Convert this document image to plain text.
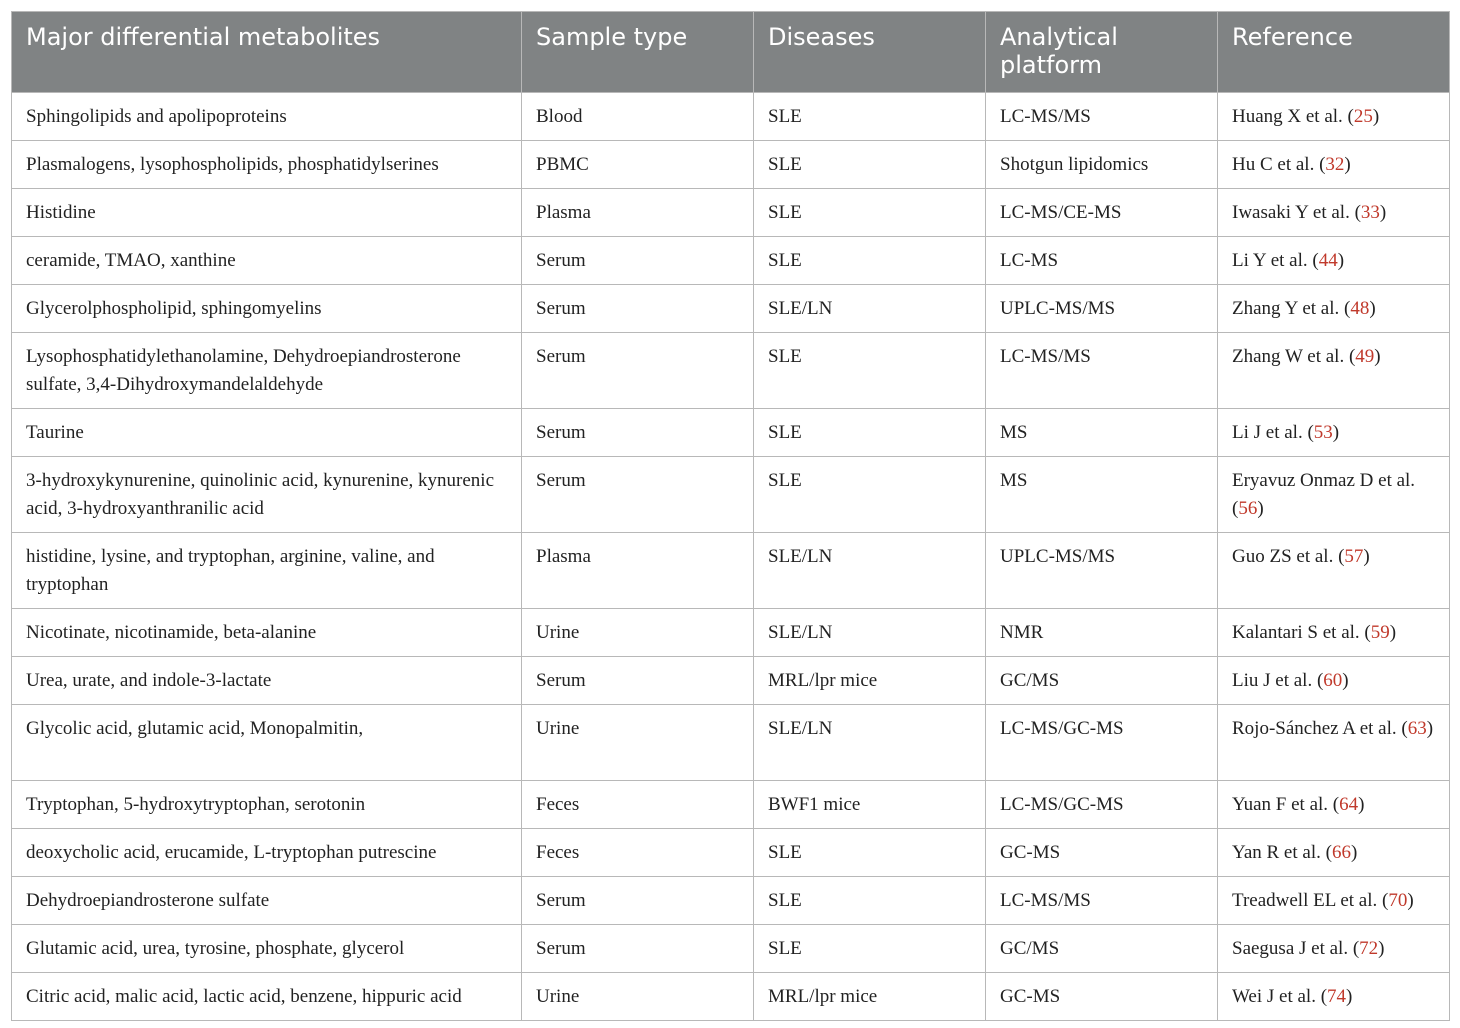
Major differential metabolites	Sample type	Diseases	Analytical platform	Reference
Sphingolipids and apolipoproteins	Blood	SLE	LC-MS/MS	Huang X et al. (25)
Plasmalogens, lysophospholipids, phosphatidylserines	PBMC	SLE	Shotgun lipidomics	Hu C et al. (32)
Histidine	Plasma	SLE	LC-MS/CE-MS	Iwasaki Y et al. (33)
ceramide, TMAO, xanthine	Serum	SLE	LC-MS	Li Y et al. (44)
Glycerolphospholipid, sphingomyelins	Serum	SLE/LN	UPLC-MS/MS	Zhang Y et al. (48)
Lysophosphatidylethanolamine, Dehydroepiandrosterone sulfate, 3,4-Dihydroxymandelaldehyde	Serum	SLE	LC-MS/MS	Zhang W et al. (49)
Taurine	Serum	SLE	MS	Li J et al. (53)
3-hydroxykynurenine, quinolinic acid, kynurenine, kynurenic acid, 3-hydroxyanthranilic acid	Serum	SLE	MS	Eryavuz Onmaz D et al. (56)
histidine, lysine, and tryptophan, arginine, valine, and tryptophan	Plasma	SLE/LN	UPLC-MS/MS	Guo ZS et al. (57)
Nicotinate, nicotinamide, beta-alanine	Urine	SLE/LN	NMR	Kalantari S et al. (59)
Urea, urate, and indole-3-lactate	Serum	MRL/lpr mice	GC/MS	Liu J et al. (60)
Glycolic acid, glutamic acid, Monopalmitin,	Urine	SLE/LN	LC-MS/GC-MS	Rojo-Sánchez A et al. (63)
Tryptophan, 5-hydroxytryptophan, serotonin	Feces	BWF1 mice	LC-MS/GC-MS	Yuan F et al. (64)
deoxycholic acid, erucamide, L-tryptophan putrescine	Feces	SLE	GC-MS	Yan R et al. (66)
Dehydroepiandrosterone sulfate	Serum	SLE	LC-MS/MS	Treadwell EL et al. (70)
Glutamic acid, urea, tyrosine, phosphate, glycerol	Serum	SLE	GC/MS	Saegusa J et al. (72)
Citric acid, malic acid, lactic acid, benzene, hippuric acid	Urine	MRL/lpr mice	GC-MS	Wei J et al. (74)
